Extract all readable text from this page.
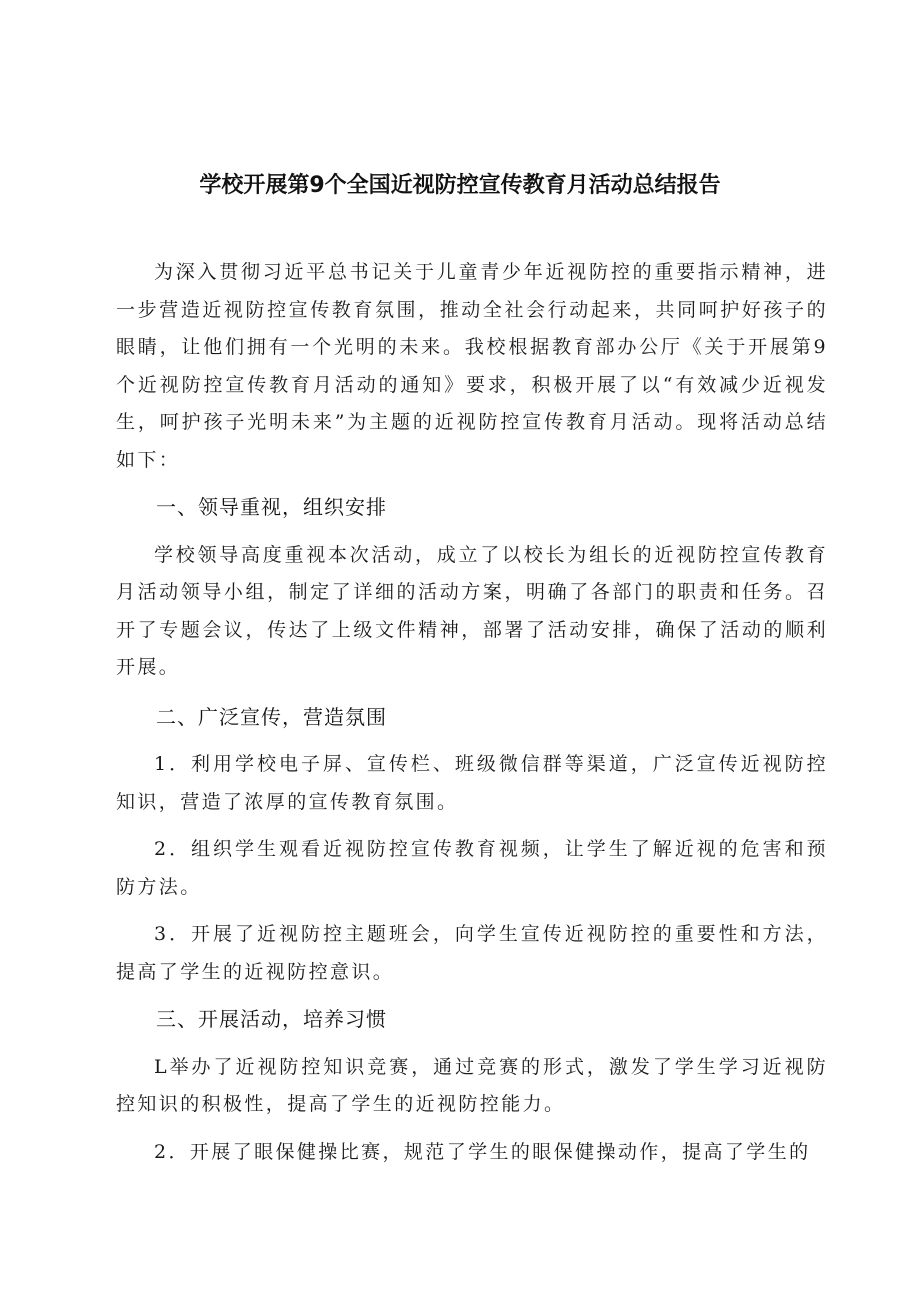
学校开展第9个全国近视防控宣传教育月活动总结报告

为深入贯彻习近平总书记关于儿童青少年近视防控的重要指示精神，进一步营造近视防控宣传教育氛围，推动全社会行动起来，共同呵护好孩子的眼睛，让他们拥有一个光明的未来。我校根据教育部办公厅《关于开展第9个近视防控宣传教育月活动的通知》要求，积极开展了以“有效减少近视发生，呵护孩子光明未来”为主题的近视防控宣传教育月活动。现将活动总结如下：

一、领导重视，组织安排

学校领导高度重视本次活动，成立了以校长为组长的近视防控宣传教育月活动领导小组，制定了详细的活动方案，明确了各部门的职责和任务。召开了专题会议，传达了上级文件精神，部署了活动安排，确保了活动的顺利开展。

二、广泛宣传，营造氛围

1．利用学校电子屏、宣传栏、班级微信群等渠道，广泛宣传近视防控知识，营造了浓厚的宣传教育氛围。

2．组织学生观看近视防控宣传教育视频，让学生了解近视的危害和预防方法。

3．开展了近视防控主题班会，向学生宣传近视防控的重要性和方法，提高了学生的近视防控意识。

三、开展活动，培养习惯

L举办了近视防控知识竞赛，通过竞赛的形式，激发了学生学习近视防控知识的积极性，提高了学生的近视防控能力。

2．开展了眼保健操比赛，规范了学生的眼保健操动作，提高了学生的
